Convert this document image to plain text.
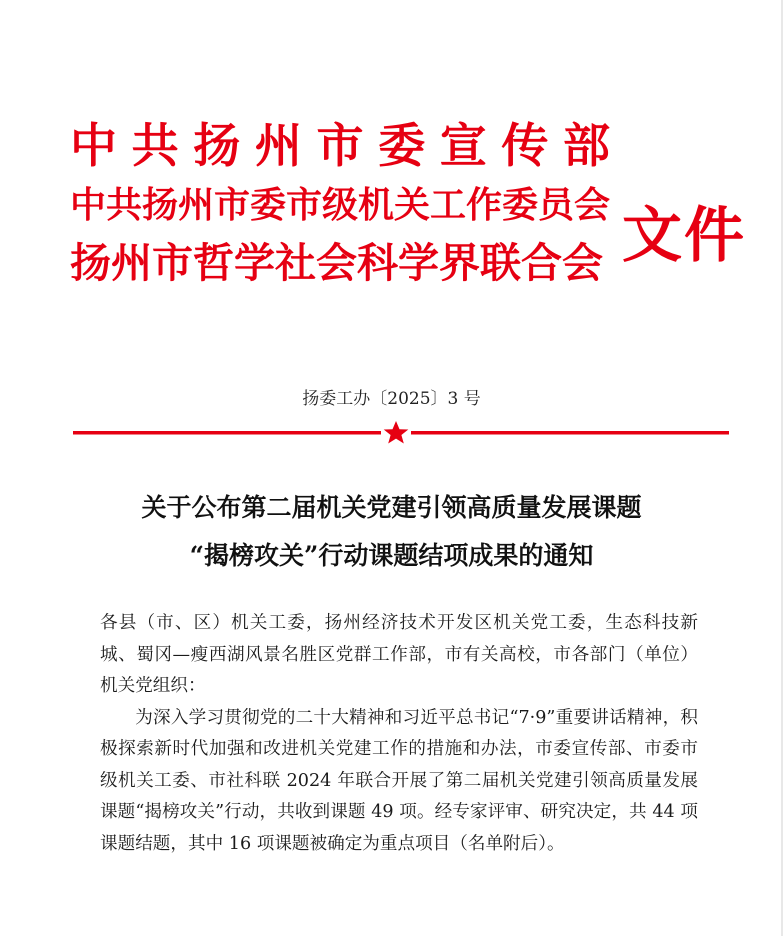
中 共 扬 州 市 委 宣 传 部
中共扬州市委市级机关工作委员会
扬州市哲学社会科学界联合会 文件
扬委工办〔2025〕3 号
关于公布第二届机关党建引领高质量发展课题
“揭榜攻关”行动课题结项成果的通知

各县（市、区）机关工委，扬州经济技术开发区机关党工委，生态科技新城、蜀冈—瘦西湖风景名胜区党群工作部，市有关高校，市各部门（单位）机关党组织：

为深入学习贯彻党的二十大精神和习近平总书记“7·9”重要讲话精神，积极探索新时代加强和改进机关党建工作的措施和办法，市委宣传部、市委市级机关工委、市社科联 2024 年联合开展了第二届机关党建引领高质量发展课题“揭榜攻关”行动，共收到课题 49 项。经专家评审、研究决定，共 44 项课题结题，其中 16 项课题被确定为重点项目（名单附后）。
